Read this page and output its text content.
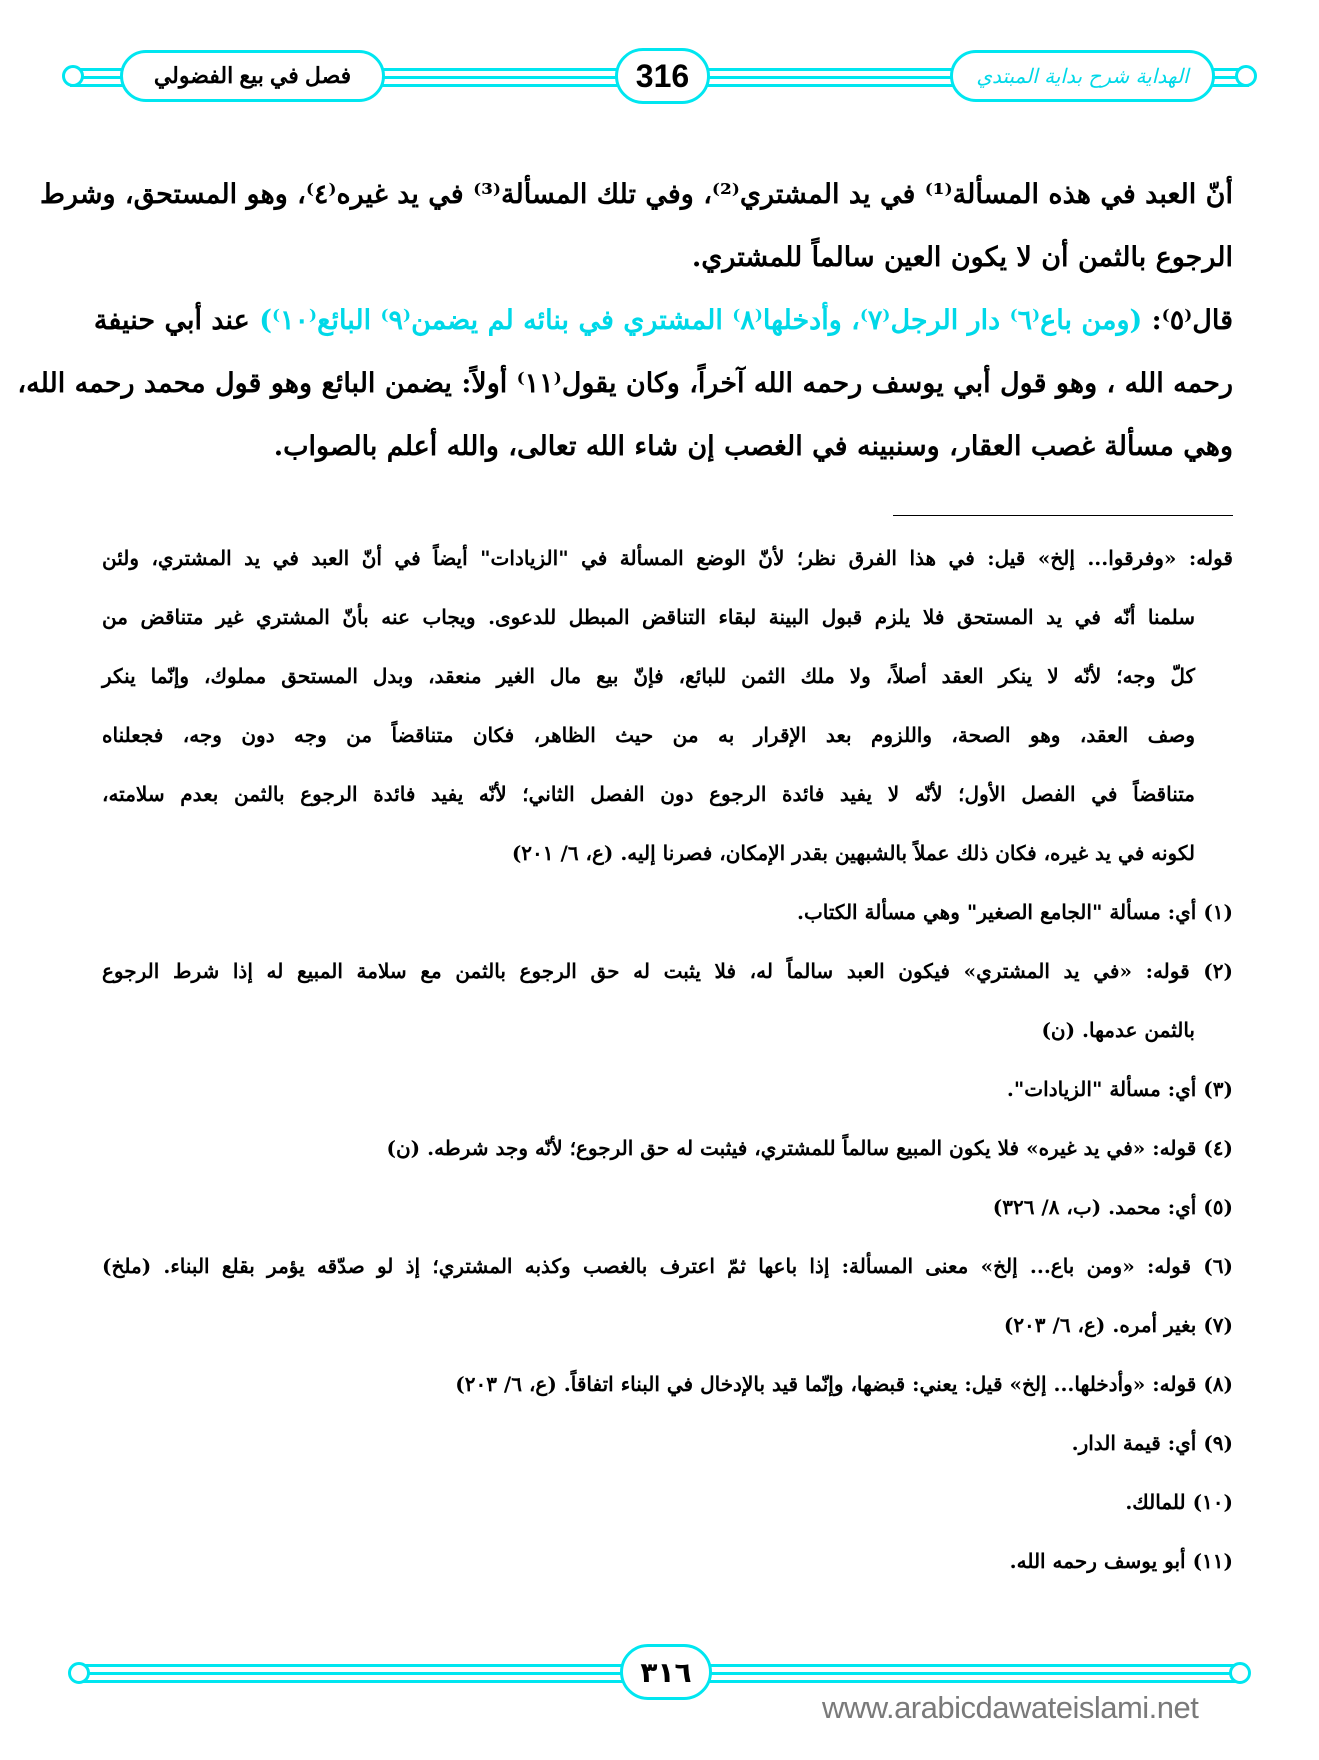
فصل في بيع الفضولي	316	الهداية شرح بداية المبتدي
أنّ العبد في هذه المسألة⁽¹⁾ في يد المشتري⁽²⁾، وفي تلك المسألة⁽³⁾ في يد غيره⁽٤⁾، وهو المستحق، وشرط
الرجوع بالثمن أن لا يكون العين سالماً للمشتري.
قال⁽٥⁾: (ومن باع⁽٦⁾ دار الرجل⁽٧⁾، وأدخلها⁽٨⁾ المشتري في بنائه لم يضمن⁽٩⁾ البائع⁽١٠⁾) عند أبي حنيفة
رحمه الله ، وهو قول أبي يوسف رحمه الله آخراً، وكان يقول⁽١١⁾ أولاً: يضمن البائع وهو قول محمد رحمه الله،
وهي مسألة غصب العقار، وسنبينه في الغصب إن شاء الله تعالى، والله أعلم بالصواب.
قوله: «وفرقوا... إلخ» قيل: في هذا الفرق نظر؛ لأنّ الوضع المسألة في "الزيادات" أيضاً في أنّ العبد في يد المشتري، ولئن
سلمنا أنّه في يد المستحق فلا يلزم قبول البينة لبقاء التناقض المبطل للدعوى. ويجاب عنه بأنّ المشتري غير متناقض من
كلّ وجه؛ لأنّه لا ينكر العقد أصلاً، ولا ملك الثمن للبائع، فإنّ بيع مال الغير منعقد، وبدل المستحق مملوك، وإنّما ينكر
وصف العقد، وهو الصحة، واللزوم بعد الإقرار به من حيث الظاهر، فكان متناقضاً من وجه دون وجه، فجعلناه
متناقضاً في الفصل الأول؛ لأنّه لا يفيد فائدة الرجوع دون الفصل الثاني؛ لأنّه يفيد فائدة الرجوع بالثمن بعدم سلامته،
لكونه في يد غيره، فكان ذلك عملاً بالشبهين بقدر الإمكان، فصرنا إليه. (ع، ٦/ ٢٠١)
(١) أي: مسألة "الجامع الصغير" وهي مسألة الكتاب.
(٢) قوله: «في يد المشتري» فيكون العبد سالماً له، فلا يثبت له حق الرجوع بالثمن مع سلامة المبيع له إذا شرط الرجوع
بالثمن عدمها. (ن)
(٣) أي: مسألة "الزيادات".
(٤) قوله: «في يد غيره» فلا يكون المبيع سالماً للمشتري، فيثبت له حق الرجوع؛ لأنّه وجد شرطه. (ن)
(٥) أي: محمد. (ب، ٨/ ٣٢٦)
(٦) قوله: «ومن باع... إلخ» معنى المسألة: إذا باعها ثمّ اعترف بالغصب وكذبه المشتري؛ إذ لو صدّقه يؤمر بقلع البناء. (ملخ)
(٧) بغير أمره. (ع، ٦/ ٢٠٣)
(٨) قوله: «وأدخلها... إلخ» قيل: يعني: قبضها، وإنّما قيد بالإدخال في البناء اتفاقاً. (ع، ٦/ ٢٠٣)
(٩) أي: قيمة الدار.
(١٠) للمالك.
(١١) أبو يوسف رحمه الله.
٣١٦
www.arabicdawateislami.net
